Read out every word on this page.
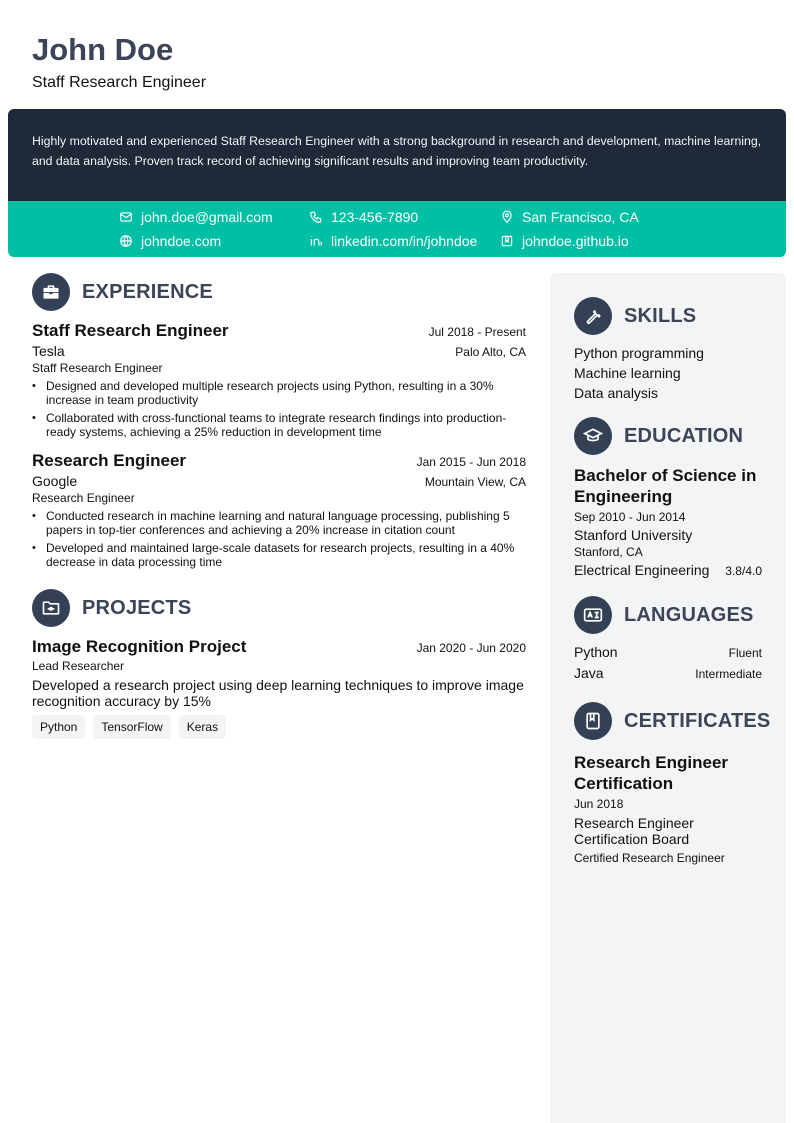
John Doe
Staff Research Engineer

Highly motivated and experienced Staff Research Engineer with a strong background in research and development, machine learning, and data analysis. Proven track record of achieving significant results and improving team productivity.

john.doe@gmail.com	123-456-7890	San Francisco, CA
johndoe.com	linkedin.com/in/johndoe	johndoe.github.io
EXPERIENCE
Staff Research Engineer	Jul 2018 - Present
Tesla	Palo Alto, CA
Staff Research Engineer
• Designed and developed multiple research projects using Python, resulting in a 30% increase in team productivity
• Collaborated with cross-functional teams to integrate research findings into production-ready systems, achieving a 25% reduction in development time
Research Engineer	Jan 2015 - Jun 2018
Google	Mountain View, CA
Research Engineer
• Conducted research in machine learning and natural language processing, publishing 5 papers in top-tier conferences and achieving a 20% increase in citation count
• Developed and maintained large-scale datasets for research projects, resulting in a 40% decrease in data processing time
PROJECTS
Image Recognition Project	Jan 2020 - Jun 2020
Lead Researcher
Developed a research project using deep learning techniques to improve image recognition accuracy by 15%
Python	TensorFlow	Keras
SKILLS
Python programming
Machine learning
Data analysis
EDUCATION
Bachelor of Science in Engineering
Sep 2010 - Jun 2014
Stanford University
Stanford, CA
Electrical Engineering 3.8/4.0
LANGUAGES
Python	Fluent
Java	Intermediate
CERTIFICATES
Research Engineer Certification
Jun 2018
Research Engineer Certification Board
Certified Research Engineer
